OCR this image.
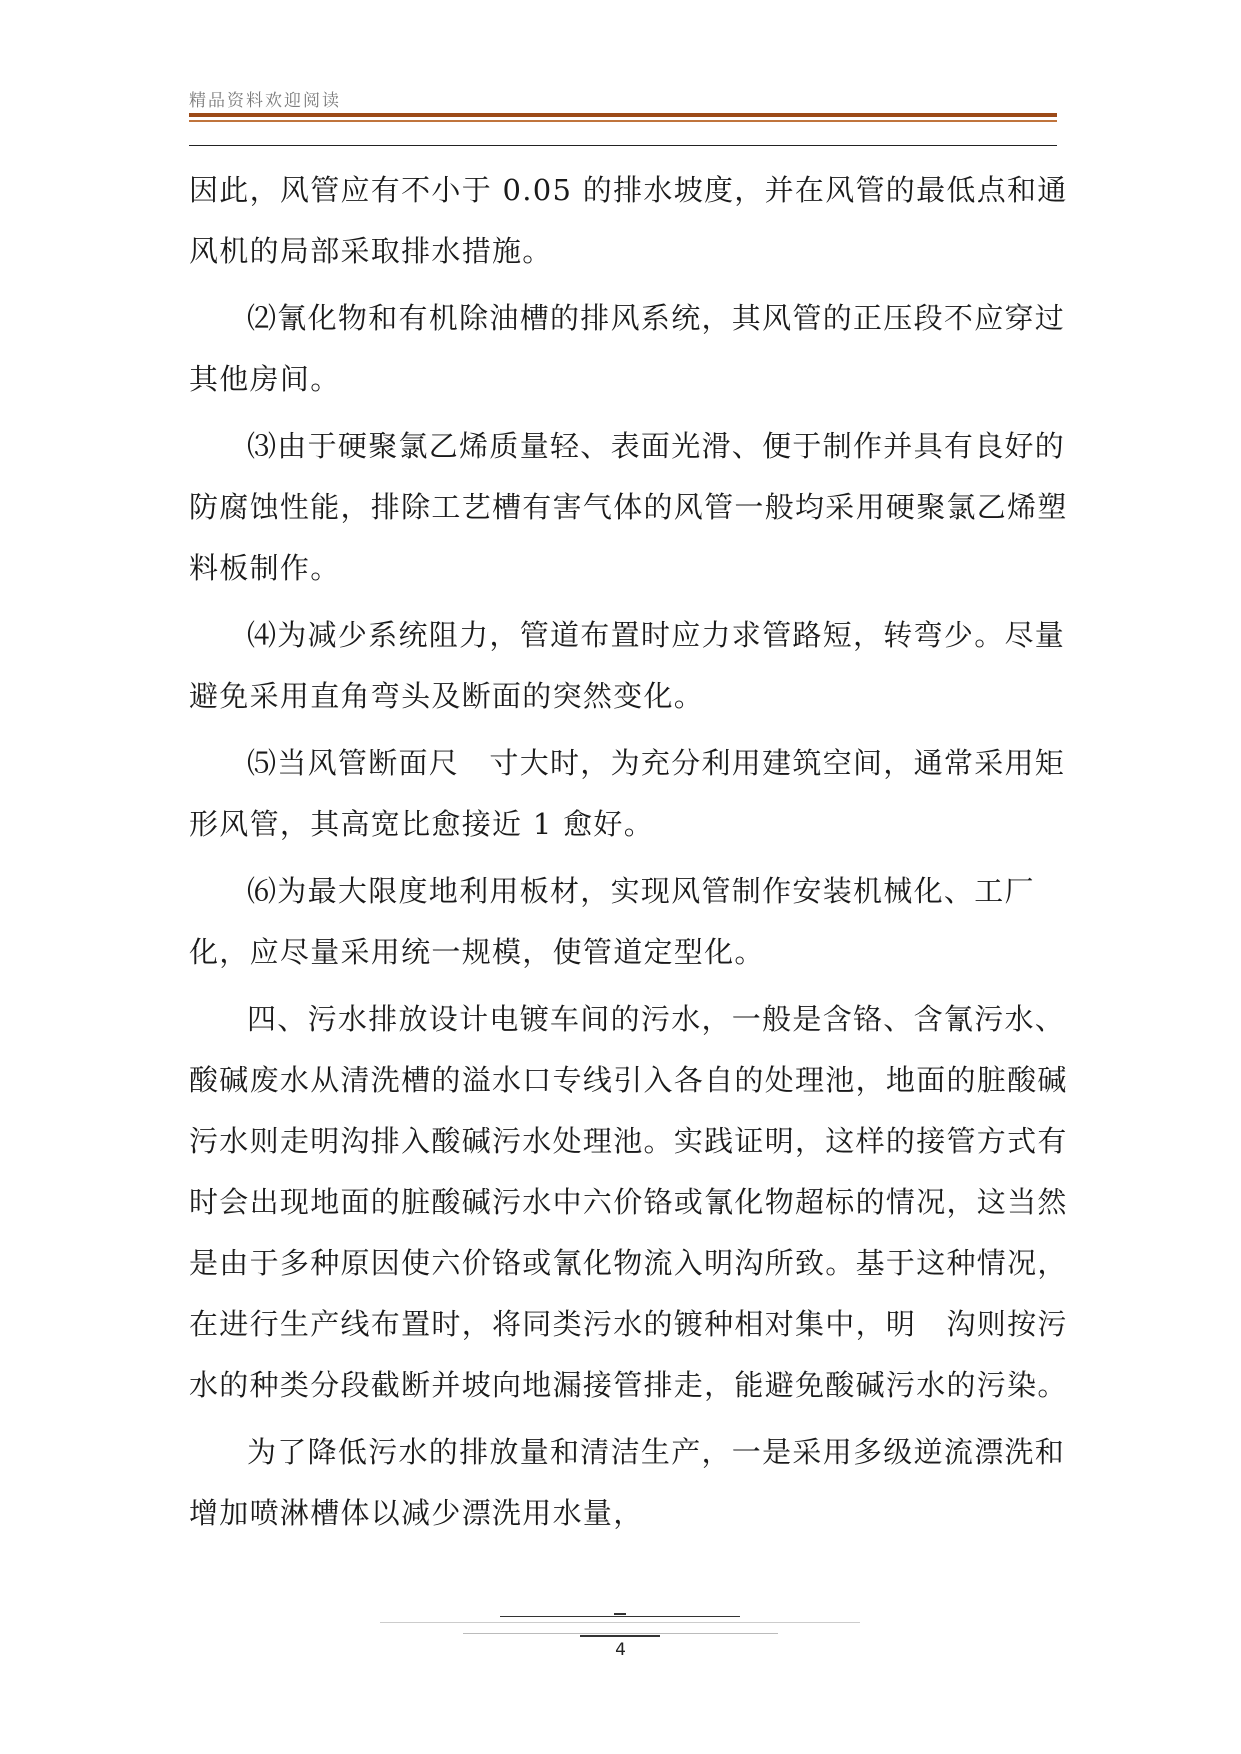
精品资料欢迎阅读

因此，风管应有不小于 0.05 的排水坡度，并在风管的最低点和通风机的局部采取排水措施。

⑵氰化物和有机除油槽的排风系统，其风管的正压段不应穿过其他房间。

⑶由于硬聚氯乙烯质量轻、表面光滑、便于制作并具有良好的防腐蚀性能，排除工艺槽有害气体的风管一般均采用硬聚氯乙烯塑料板制作。

⑷为减少系统阻力，管道布置时应力求管路短，转弯少。尽量避免采用直角弯头及断面的突然变化。

⑸当风管断面尺　寸大时，为充分利用建筑空间，通常采用矩形风管，其高宽比愈接近 1 愈好。

⑹为最大限度地利用板材，实现风管制作安装机械化、工厂化，应尽量采用统一规模，使管道定型化。

四、污水排放设计电镀车间的污水，一般是含铬、含氰污水、酸碱废水从清洗槽的溢水口专线引入各自的处理池，地面的脏酸碱污水则走明沟排入酸碱污水处理池。实践证明，这样的接管方式有时会出现地面的脏酸碱污水中六价铬或氰化物超标的情况，这当然是由于多种原因使六价铬或氰化物流入明沟所致。基于这种情况，在进行生产线布置时，将同类污水的镀种相对集中，明　沟则按污水的种类分段截断并坡向地漏接管排走，能避免酸碱污水的污染。

为了降低污水的排放量和清洁生产，一是采用多级逆流漂洗和增加喷淋槽体以减少漂洗用水量，

4
